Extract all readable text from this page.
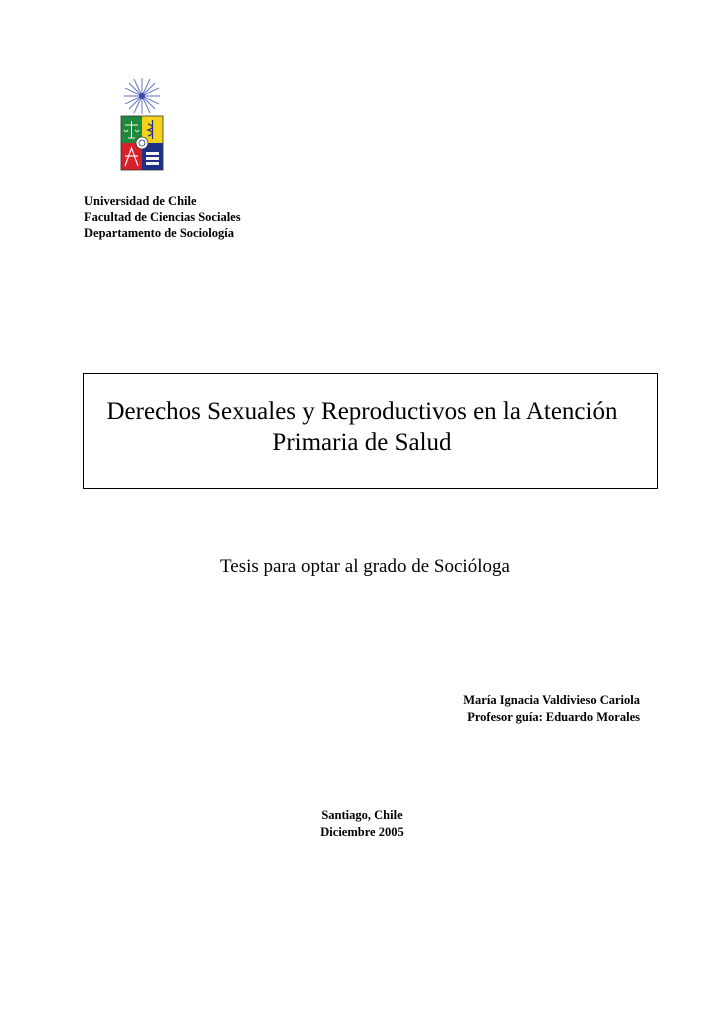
Universidad de Chile
Facultad de Ciencias Sociales
Departamento de Sociología
Derechos Sexuales y Reproductivos en la Atención
Primaria de Salud
Tesis para optar al grado de Socióloga
María Ignacia Valdivieso Cariola
Profesor guía: Eduardo Morales
Santiago, Chile
Diciembre 2005
